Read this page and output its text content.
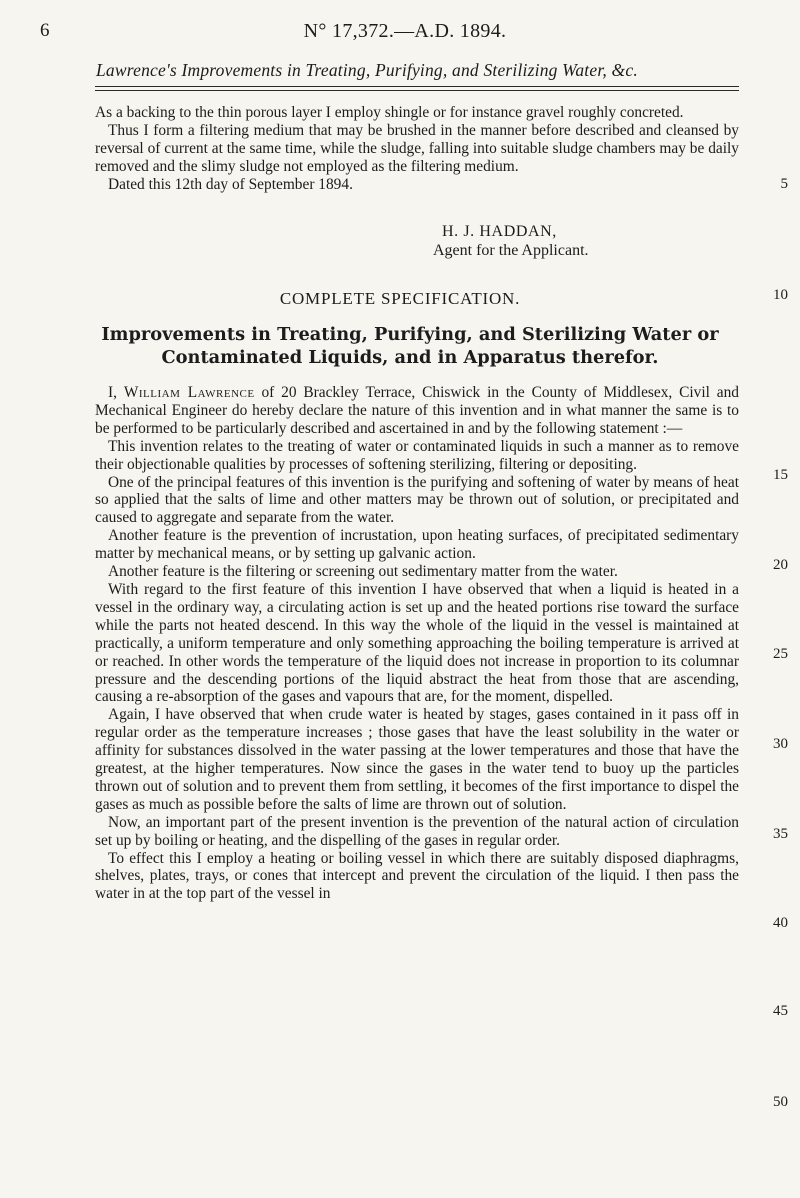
6	N° 17,372.—A.D. 1894.
Lawrence's Improvements in Treating, Purifying, and Sterilizing Water, &c.

As a backing to the thin porous layer I employ shingle or for instance gravel roughly concreted.

Thus I form a filtering medium that may be brushed in the manner before described and cleansed by reversal of current at the same time, while the sludge, falling into suitable sludge chambers may be daily removed and the slimy sludge not employed as the filtering medium.

Dated this 12th day of September 1894.

H. J. HADDAN,
Agent for the Applicant.
COMPLETE SPECIFICATION.
Improvements in Treating, Purifying, and Sterilizing Water or
Contaminated Liquids, and in Apparatus therefor.

I, William Lawrence of 20 Brackley Terrace, Chiswick in the County of Middlesex, Civil and Mechanical Engineer do hereby declare the nature of this invention and in what manner the same is to be performed to be particularly described and ascertained in and by the following statement :—

This invention relates to the treating of water or contaminated liquids in such a manner as to remove their objectionable qualities by processes of softening sterilizing, filtering or depositing.

One of the principal features of this invention is the purifying and softening of water by means of heat so applied that the salts of lime and other matters may be thrown out of solution, or precipitated and caused to aggregate and separate from the water.

Another feature is the prevention of incrustation, upon heating surfaces, of precipitated sedimentary matter by mechanical means, or by setting up galvanic action.

Another feature is the filtering or screening out sedimentary matter from the water.

With regard to the first feature of this invention I have observed that when a liquid is heated in a vessel in the ordinary way, a circulating action is set up and the heated portions rise toward the surface while the parts not heated descend. In this way the whole of the liquid in the vessel is maintained at practically, a uniform temperature and only something approaching the boiling temperature is arrived at or reached. In other words the temperature of the liquid does not increase in proportion to its columnar pressure and the descending portions of the liquid abstract the heat from those that are ascending, causing a re-absorption of the gases and vapours that are, for the moment, dispelled.

Again, I have observed that when crude water is heated by stages, gases contained in it pass off in regular order as the temperature increases ; those gases that have the least solubility in the water or affinity for substances dissolved in the water passing at the lower temperatures and those that have the greatest, at the higher temperatures. Now since the gases in the water tend to buoy up the particles thrown out of solution and to prevent them from settling, it becomes of the first importance to dispel the gases as much as possible before the salts of lime are thrown out of solution.

Now, an important part of the present invention is the prevention of the natural action of circulation set up by boiling or heating, and the dispelling of the gases in regular order.

To effect this I employ a heating or boiling vessel in which there are suitably disposed diaphragms, shelves, plates, trays, or cones that intercept and prevent the circulation of the liquid. I then pass the water in at the top part of the vessel in

5
10
15
20
25
30
35
40
45
50
